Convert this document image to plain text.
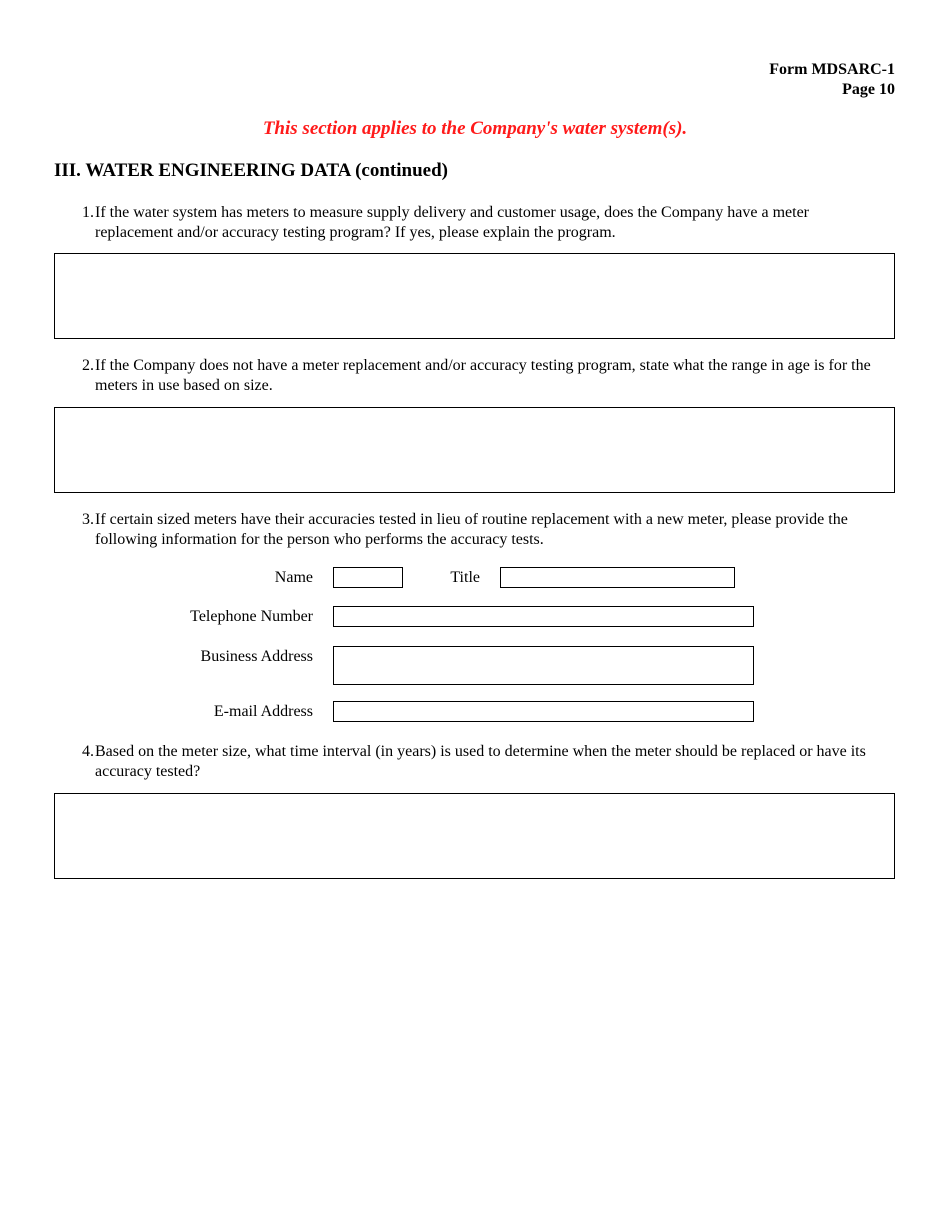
Form MDSARC-1
Page 10
This section applies to the Company's water system(s).
III. WATER ENGINEERING DATA (continued)
1. If the water system has meters to measure supply delivery and customer usage, does the Company have a meter replacement and/or accuracy testing program? If yes, please explain the program.
2. If the Company does not have a meter replacement and/or accuracy testing program, state what the range in age is for the meters in use based on size.
3. If certain sized meters have their accuracies tested in lieu of routine replacement with a new meter, please provide the following information for the person who performs the accuracy tests.
Name	Title
Telephone Number
Business Address
E-mail Address
4. Based on the meter size, what time interval (in years) is used to determine when the meter should be replaced or have its accuracy tested?
